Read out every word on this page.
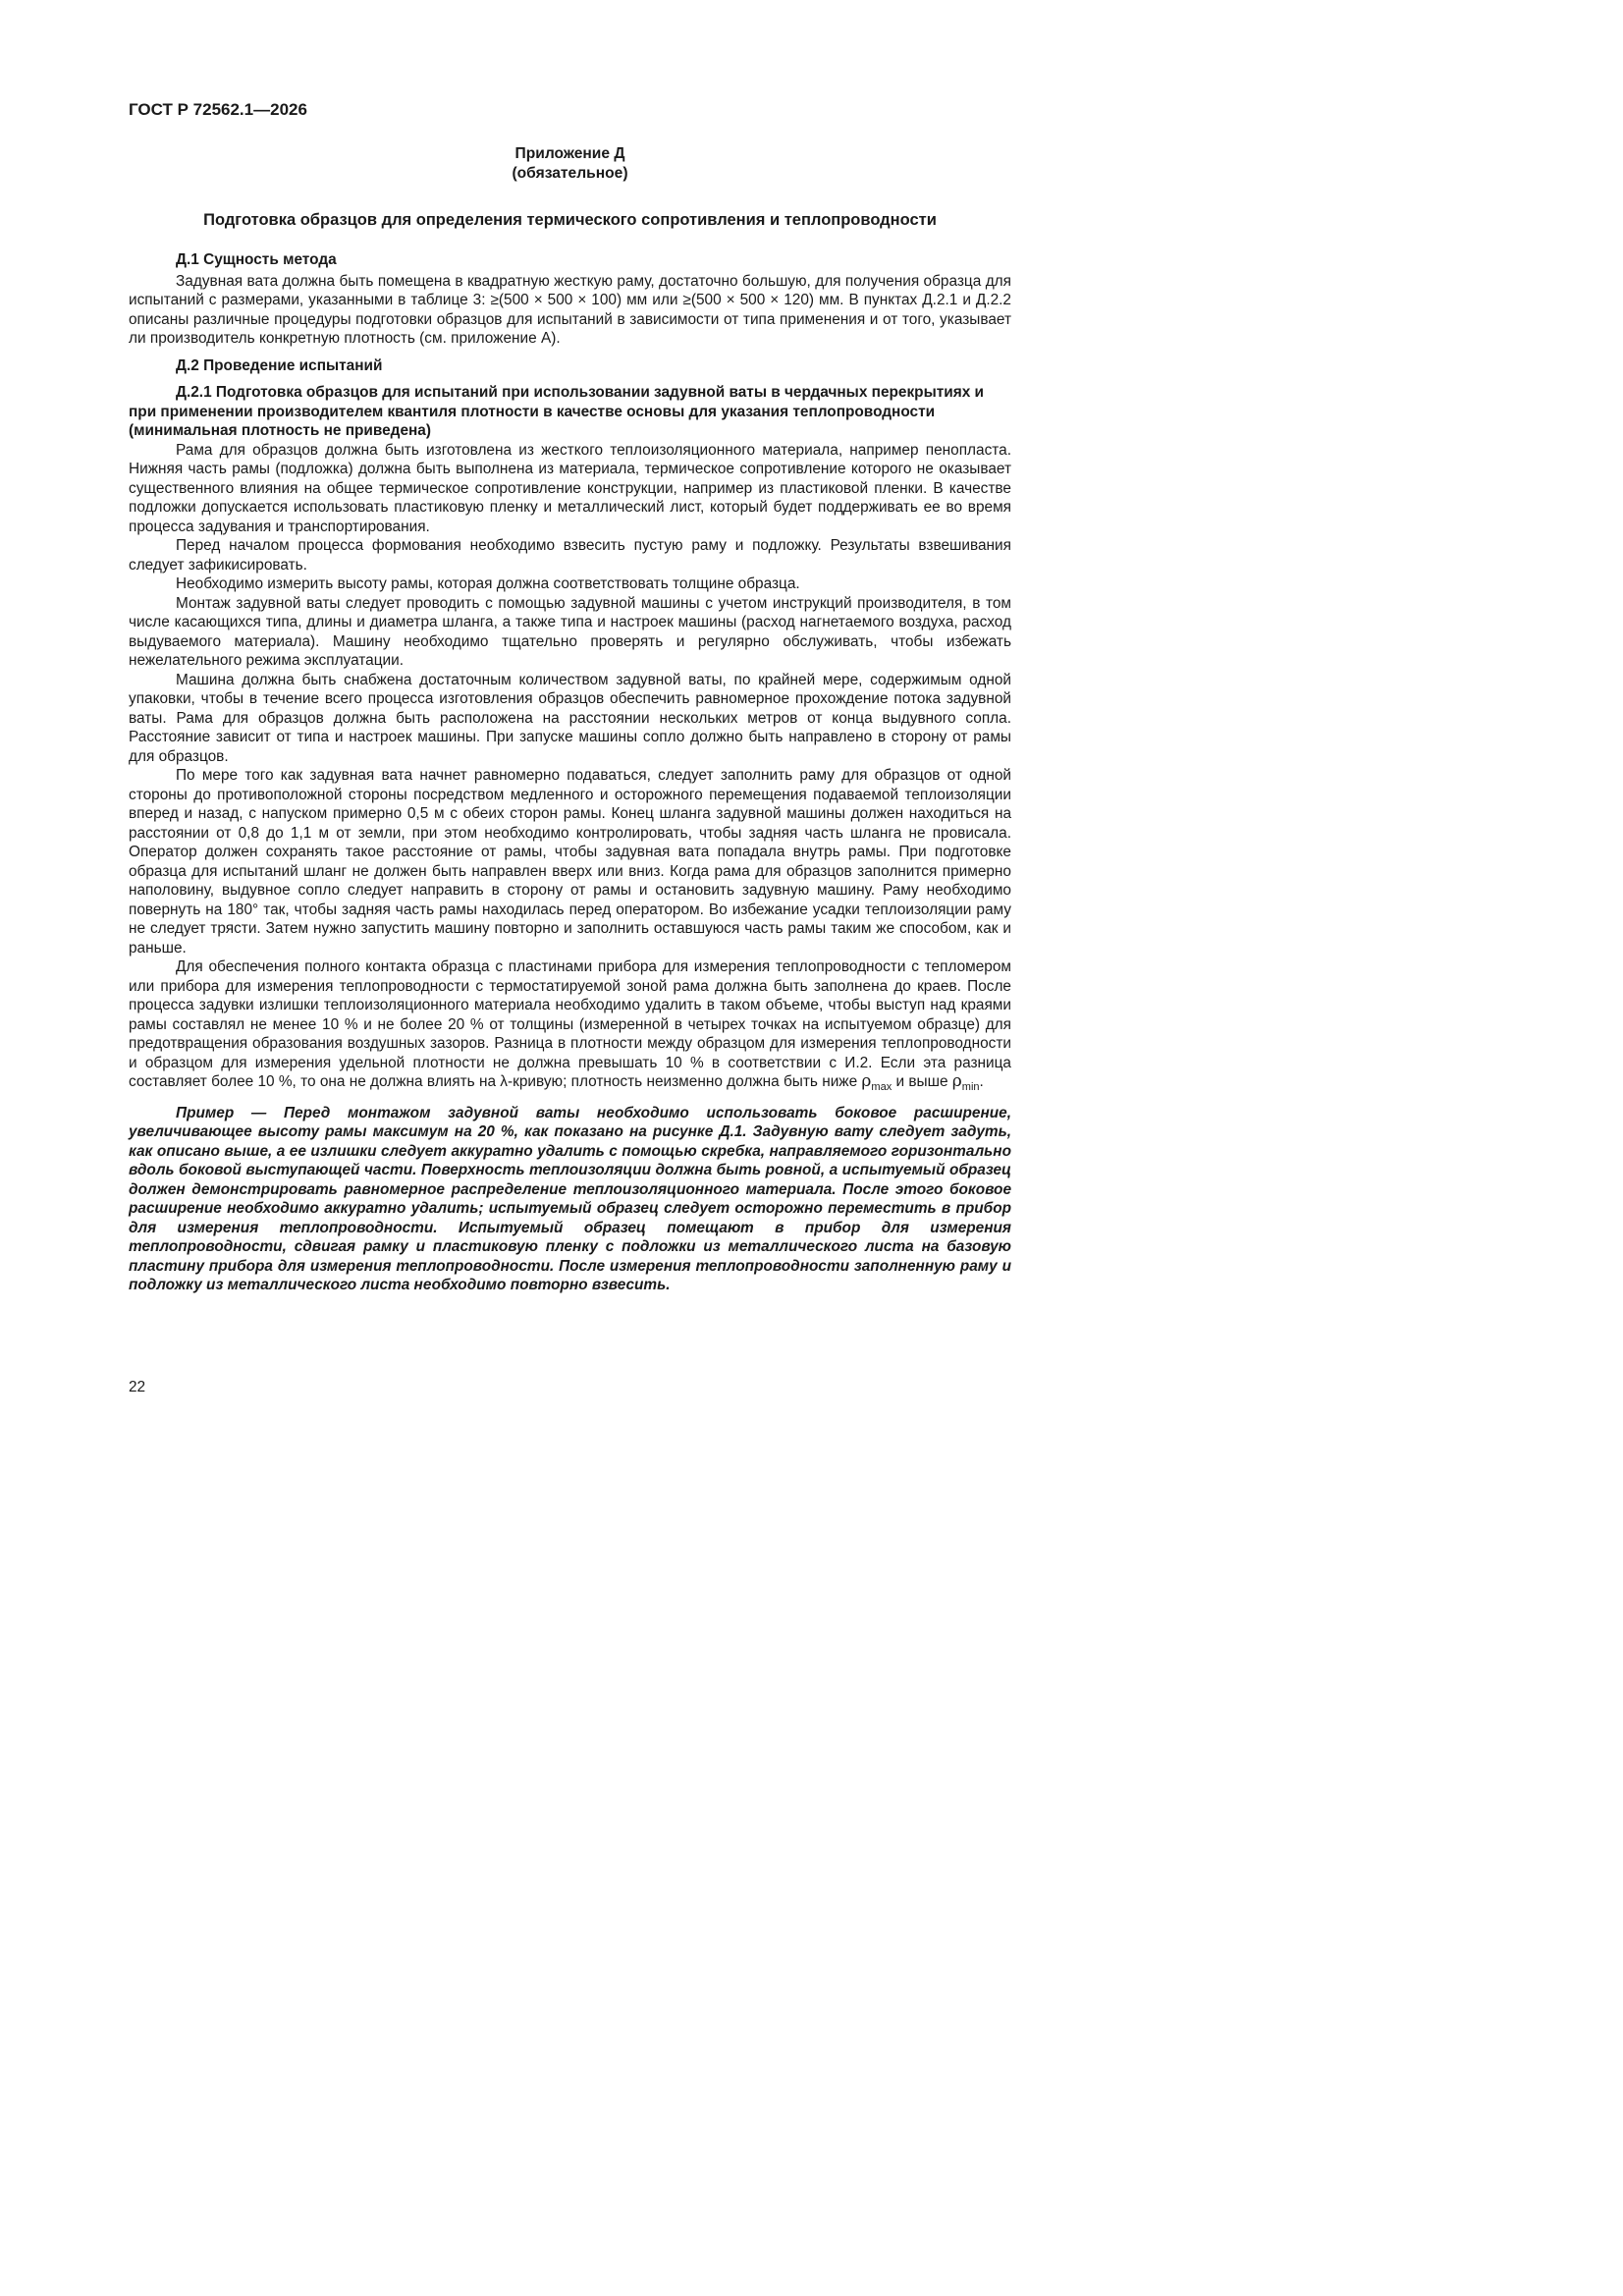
ГОСТ Р 72562.1—2026
Приложение Д
(обязательное)
Подготовка образцов для определения термического сопротивления и теплопроводности
Д.1 Сущность метода

Задувная вата должна быть помещена в квадратную жесткую раму, достаточно большую, для получения образца для испытаний с размерами, указанными в таблице 3: ≥(500 × 500 × 100) мм или ≥(500 × 500 × 120) мм. В пунктах Д.2.1 и Д.2.2 описаны различные процедуры подготовки образцов для испытаний в зависимости от типа применения и от того, указывает ли производитель конкретную плотность (см. приложение А).

Д.2 Проведение испытаний
Д.2.1 Подготовка образцов для испытаний при использовании задувной ваты в чердачных перекрытиях и при применении производителем квантиля плотности в качестве основы для указания теплопроводности (минимальная плотность не приведена)

Рама для образцов должна быть изготовлена из жесткого теплоизоляционного материала, например пенопласта. Нижняя часть рамы (подложка) должна быть выполнена из материала, термическое сопротивление которого не оказывает существенного влияния на общее термическое сопротивление конструкции, например из пластиковой пленки. В качестве подложки допускается использовать пластиковую пленку и металлический лист, который будет поддерживать ее во время процесса задувания и транспортирования.

Перед началом процесса формования необходимо взвесить пустую раму и подложку. Результаты взвешивания следует зафикисировать.

Необходимо измерить высоту рамы, которая должна соответствовать толщине образца.

Монтаж задувной ваты следует проводить с помощью задувной машины с учетом инструкций производителя, в том числе касающихся типа, длины и диаметра шланга, а также типа и настроек машины (расход нагнетаемого воздуха, расход выдуваемого материала). Машину необходимо тщательно проверять и регулярно обслуживать, чтобы избежать нежелательного режима эксплуатации.

Машина должна быть снабжена достаточным количеством задувной ваты, по крайней мере, содержимым одной упаковки, чтобы в течение всего процесса изготовления образцов обеспечить равномерное прохождение потока задувной ваты. Рама для образцов должна быть расположена на расстоянии нескольких метров от конца выдувного сопла. Расстояние зависит от типа и настроек машины. При запуске машины сопло должно быть направлено в сторону от рамы для образцов.

По мере того как задувная вата начнет равномерно подаваться, следует заполнить раму для образцов от одной стороны до противоположной стороны посредством медленного и осторожного перемещения подаваемой теплоизоляции вперед и назад, с напуском примерно 0,5 м с обеих сторон рамы. Конец шланга задувной машины должен находиться на расстоянии от 0,8 до 1,1 м от земли, при этом необходимо контролировать, чтобы задняя часть шланга не провисала. Оператор должен сохранять такое расстояние от рамы, чтобы задувная вата попадала внутрь рамы. При подготовке образца для испытаний шланг не должен быть направлен вверх или вниз. Когда рама для образцов заполнится примерно наполовину, выдувное сопло следует направить в сторону от рамы и остановить задувную машину. Раму необходимо повернуть на 180° так, чтобы задняя часть рамы находилась перед оператором. Во избежание усадки теплоизоляции раму не следует трясти. Затем нужно запустить машину повторно и заполнить оставшуюся часть рамы таким же способом, как и раньше.

Для обеспечения полного контакта образца с пластинами прибора для измерения теплопроводности с тепломером или прибора для измерения теплопроводности с термостатируемой зоной рама должна быть заполнена до краев. После процесса задувки излишки теплоизоляционного материала необходимо удалить в таком объеме, чтобы выступ над краями рамы составлял не менее 10 % и не более 20 % от толщины (измеренной в четырех точках на испытуемом образце) для предотвращения образования воздушных зазоров. Разница в плотности между образцом для измерения теплопроводности и образцом для измерения удельной плотности не должна превышать 10 % в соответствии с И.2. Если эта разница составляет более 10 %, то она не должна влиять на λ-кривую; плотность неизменно должна быть ниже $\rho_{max}$ и выше $\rho_{min}$.

Пример — Перед монтажом задувной ваты необходимо использовать боковое расширение, увеличивающее высоту рамы максимум на 20 %, как показано на рисунке Д.1. Задувную вату следует задуть, как описано выше, а ее излишки следует аккуратно удалить с помощью скребка, направляемого горизонтально вдоль боковой выступающей части. Поверхность теплоизоляции должна быть ровной, а испытуемый образец должен демонстрировать равномерное распределение теплоизоляционного материала. После этого боковое расширение необходимо аккуратно удалить; испытуемый образец следует осторожно переместить в прибор для измерения теплопроводности. Испытуемый образец помещают в прибор для измерения теплопроводности, сдвигая рамку и пластиковую пленку с подложки из металлического листа на базовую пластину прибора для измерения теплопроводности. После измерения теплопроводности заполненную раму и подложку из металлического листа необходимо повторно взвесить.

22
